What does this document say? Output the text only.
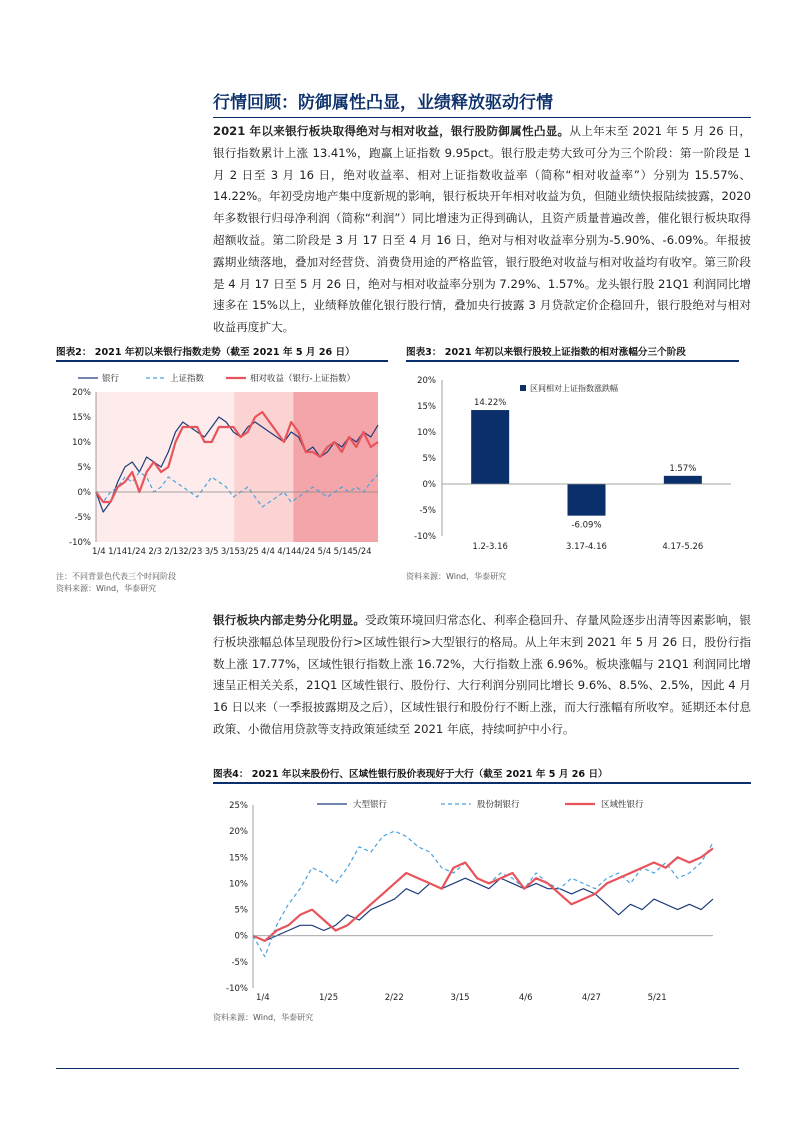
行情回顾：防御属性凸显，业绩释放驱动行情
2021 年以来银行板块取得绝对与相对收益，银行股防御属性凸显。从上年末至 2021 年 5 月 26 日，银行指数累计上涨 13.41%，跑赢上证指数 9.95pct。银行股走势大致可分为三个阶段：第一阶段是 1 月 2 日至 3 月 16 日，绝对收益率、相对上证指数收益率（简称“相对收益率”）分别为 15.57%、14.22%。年初受房地产集中度新规的影响，银行板块开年相对收益为负，但随业绩快报陆续披露，2020 年多数银行归母净利润（简称“利润”）同比增速为正得到确认，且资产质量普遍改善，催化银行板块取得超额收益。第二阶段是 3 月 17 日至 4 月 16 日，绝对与相对收益率分别为-5.90%、-6.09%。年报披露期业绩落地，叠加对经营贷、消费贷用途的严格监管，银行股绝对收益与相对收益均有收窄。第三阶段是 4 月 17 日至 5 月 26 日，绝对与相对收益率分别为 7.29%、1.57%。龙头银行股 21Q1 利润同比增速多在 15%以上，业绩释放催化银行股行情，叠加央行披露 3 月贷款定价企稳回升，银行股绝对与相对收益再度扩大。
图表2： 2021 年初以来银行指数走势（截至 2021 年 5 月 26 日）
20%
15%
10%
5%
0%
-5%
-10%
1/4 1/14 1/24 2/3 2/13 2/23 3/5 3/15 3/25 4/4 4/14 4/24 5/4 5/14 5/24
银行	上证指数	相对收益（银行-上证指数）
注：不同背景色代表三个时间阶段
资料来源：Wind，华泰研究
图表3： 2021 年初以来银行股较上证指数的相对涨幅分三个阶段
14.22%
-6.09%
1.57%
20%
15%
10%
5%
0%
-5%
-10%
1.2-3.16	3.17-4.16	4.17-5.26
区间相对上证指数涨跌幅
资料来源：Wind，华泰研究
银行板块内部走势分化明显。受政策环境回归常态化、利率企稳回升、存量风险逐步出清等因素影响，银行板块涨幅总体呈现股份行>区域性银行>大型银行的格局。从上年末到 2021 年 5 月 26 日，股份行指数上涨 17.77%，区域性银行指数上涨 16.72%，大行指数上涨 6.96%。板块涨幅与 21Q1 利润同比增速呈正相关关系，21Q1 区域性银行、股份行、大行利润分别同比增长 9.6%、8.5%、2.5%，因此 4 月 16 日以来（一季报披露期及之后），区域性银行和股份行不断上涨，而大行涨幅有所收窄。延期还本付息政策、小微信用贷款等支持政策延续至 2021 年底，持续呵护中小行。
图表4： 2021 年以来股份行、区域性银行股价表现好于大行（截至 2021 年 5 月 26 日）
25%
20%
15%
10%
5%
0%
-5%
-10%
1/4	1/25	2/22	3/15	4/6	4/27	5/21
大型银行	股份制银行	区域性银行
资料来源：Wind，华泰研究
